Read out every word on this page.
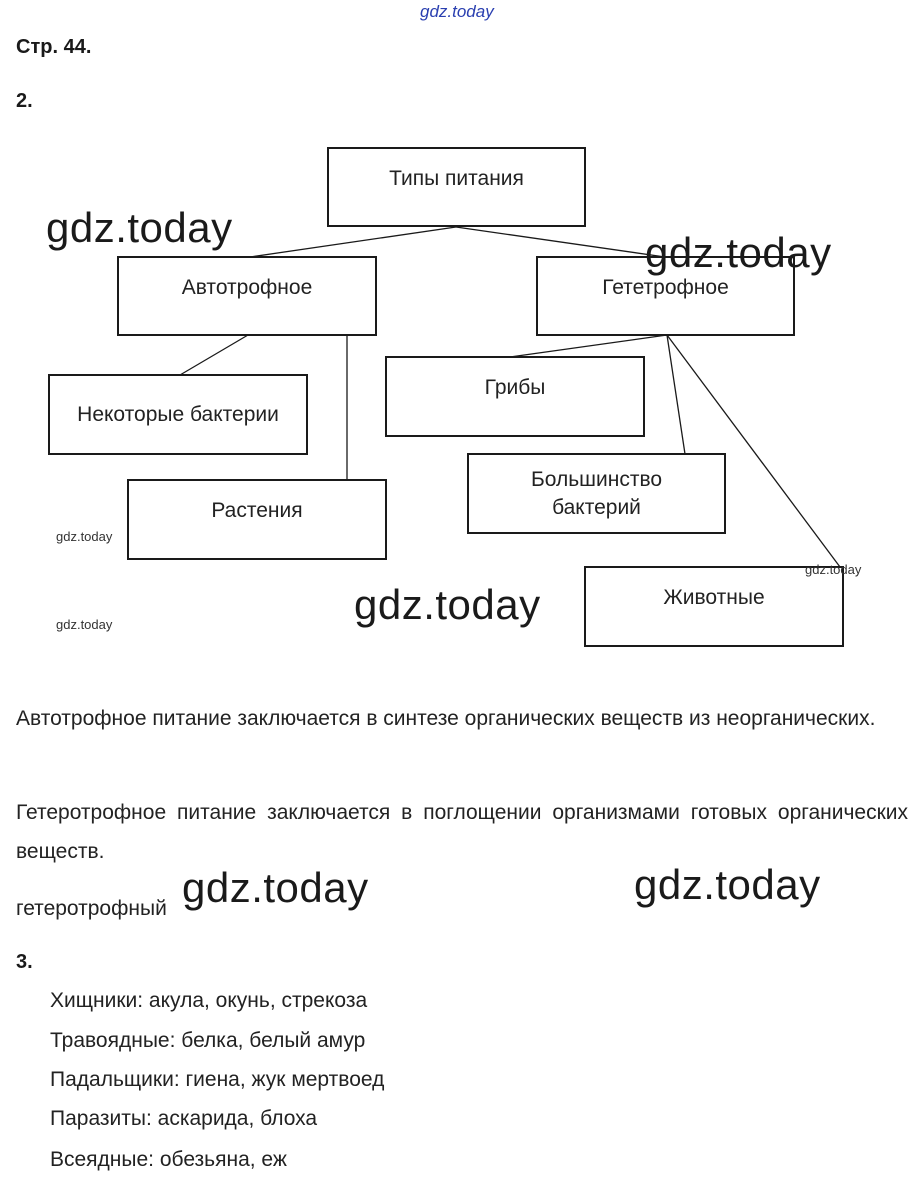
gdz.today
Стр. 44.
2.
Типы питания
Автотрофное	Гететрофное
Некоторые бактерии
Грибы
Большинство
бактерий
Растения
Животные
gdz.today
gdz.today
gdz.today
gdz.today
gdz.today
gdz.today
Автотрофное питание заключается в синтезе органических веществ из неорганических.
Гетеротрофное питание заключается в поглощении организмами готовых органических веществ.
гетеротрофный gdz.today	gdz.today
3.
Хищники: акула, окунь, стрекоза
Травоядные: белка, белый амур
Падальщики: гиена, жук мертвоед
Паразиты: аскарида, блоха
Всеядные: обезьяна, еж
